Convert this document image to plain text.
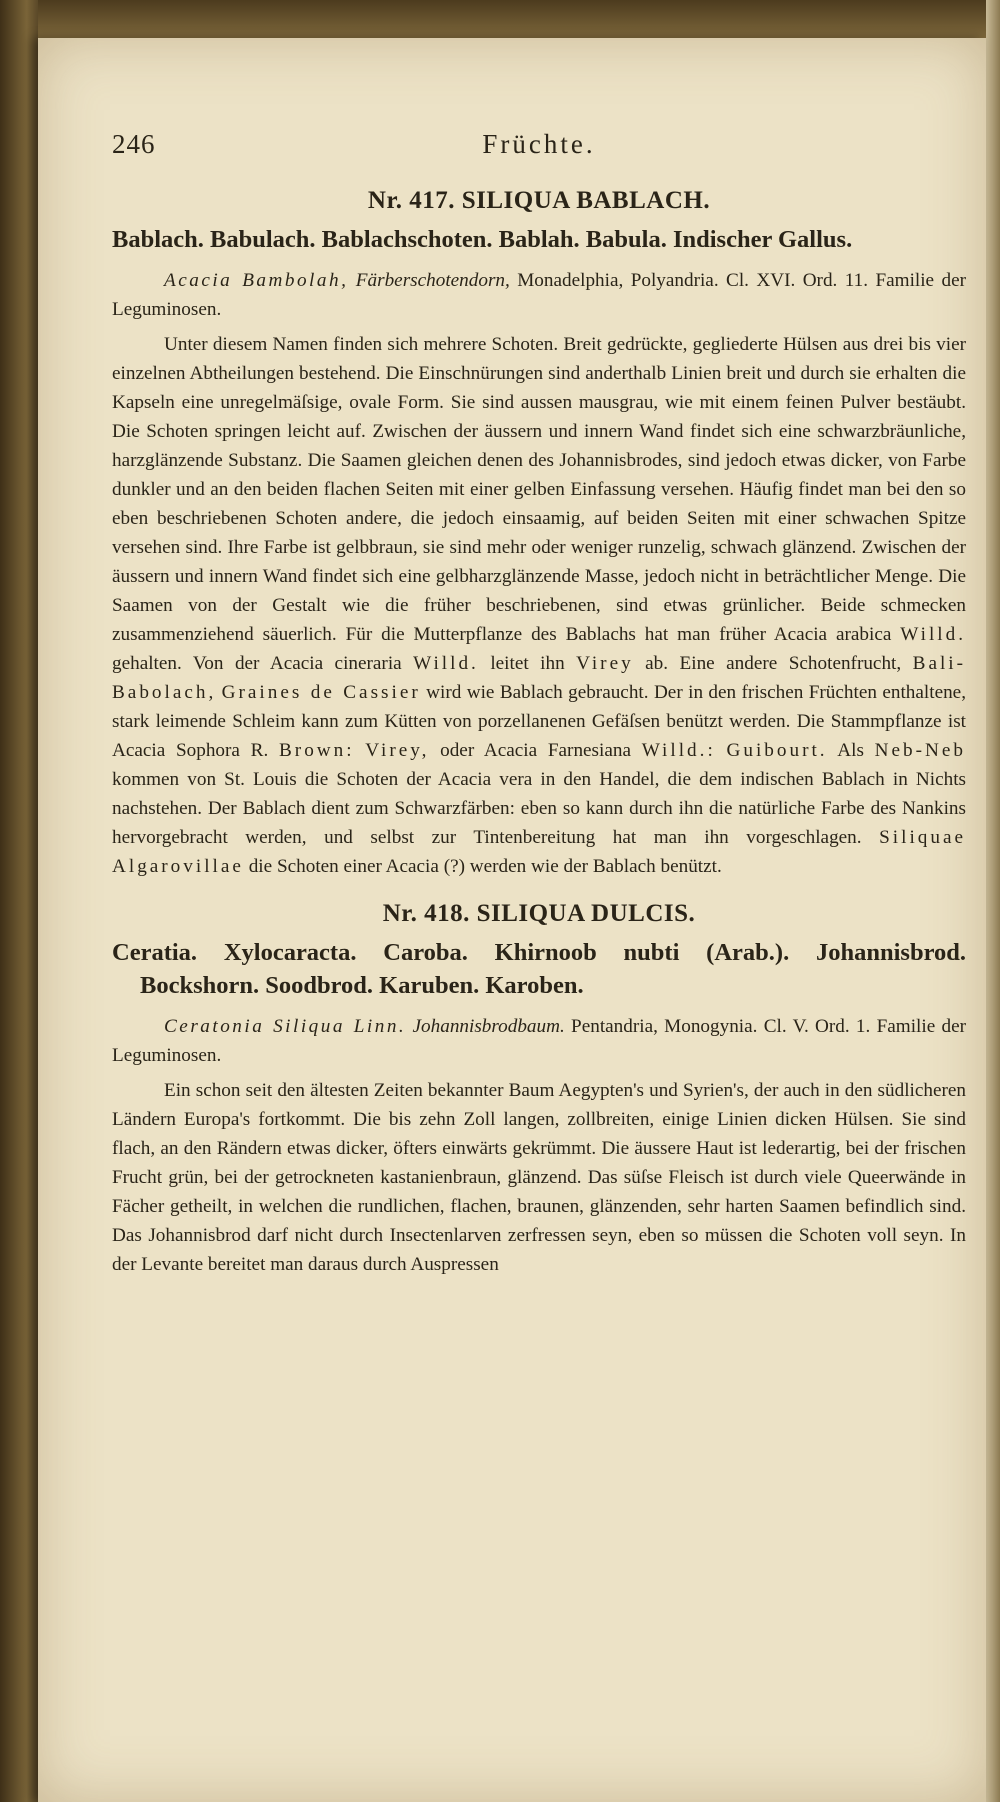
246	Früchte.
Nr. 417. SILIQUA BABLACH.
Bablach. Babulach. Bablachschoten. Bablah. Babula. Indischer Gallus.

Acacia Bambolah, Färberschotendorn, Monadelphia, Polyandria. Cl. XVI. Ord. 11. Familie der Leguminosen.

Unter diesem Namen finden sich mehrere Schoten. Breit gedrückte, gegliederte Hülsen aus drei bis vier einzelnen Abtheilungen bestehend. Die Einschnürungen sind anderthalb Linien breit und durch sie erhalten die Kapseln eine unregelmäſsige, ovale Form. Sie sind aussen mausgrau, wie mit einem feinen Pulver bestäubt. Die Schoten springen leicht auf. Zwischen der äussern und innern Wand findet sich eine schwarzbräunliche, harzglänzende Substanz. Die Saamen gleichen denen des Johannisbrodes, sind jedoch etwas dicker, von Farbe dunkler und an den beiden flachen Seiten mit einer gelben Einfassung versehen. Häufig findet man bei den so eben beschriebenen Schoten andere, die jedoch einsaamig, auf beiden Seiten mit einer schwachen Spitze versehen sind. Ihre Farbe ist gelbbraun, sie sind mehr oder weniger runzelig, schwach glänzend. Zwischen der äussern und innern Wand findet sich eine gelbharzglänzende Masse, jedoch nicht in beträchtlicher Menge. Die Saamen von der Gestalt wie die früher beschriebenen, sind etwas grünlicher. Beide schmecken zusammenziehend säuerlich. Für die Mutterpflanze des Bablachs hat man früher Acacia arabica Willd. gehalten. Von der Acacia cineraria Willd. leitet ihn Virey ab. Eine andere Schotenfrucht, Bali-Babolach, Graines de Cassier wird wie Bablach gebraucht. Der in den frischen Früchten enthaltene, stark leimende Schleim kann zum Kütten von porzellanenen Gefäſsen benützt werden. Die Stammpflanze ist Acacia Sophora R. Brown: Virey, oder Acacia Farnesiana Willd.: Guibourt. Als Neb-Neb kommen von St. Louis die Schoten der Acacia vera in den Handel, die dem indischen Bablach in Nichts nachstehen. Der Bablach dient zum Schwarzfärben: eben so kann durch ihn die natürliche Farbe des Nankins hervorgebracht werden, und selbst zur Tintenbereitung hat man ihn vorgeschlagen. Siliquae Algarovillae die Schoten einer Acacia (?) werden wie der Bablach benützt.

Nr. 418. SILIQUA DULCIS.
Ceratia. Xylocaracta. Caroba. Khirnoob nubti (Arab.). Johannisbrod. Bockshorn. Soodbrod. Karuben. Karoben.

Ceratonia Siliqua Linn. Johannisbrodbaum. Pentandria, Monogynia. Cl. V. Ord. 1. Familie der Leguminosen.

Ein schon seit den ältesten Zeiten bekannter Baum Aegypten's und Syrien's, der auch in den südlicheren Ländern Europa's fortkommt. Die bis zehn Zoll langen, zollbreiten, einige Linien dicken Hülsen. Sie sind flach, an den Rändern etwas dicker, öfters einwärts gekrümmt. Die äussere Haut ist lederartig, bei der frischen Frucht grün, bei der getrockneten kastanienbraun, glänzend. Das süſse Fleisch ist durch viele Queerwände in Fächer getheilt, in welchen die rundlichen, flachen, braunen, glänzenden, sehr harten Saamen befindlich sind. Das Johannisbrod darf nicht durch Insectenlarven zerfressen seyn, eben so müssen die Schoten voll seyn. In der Levante bereitet man daraus durch Auspressen
